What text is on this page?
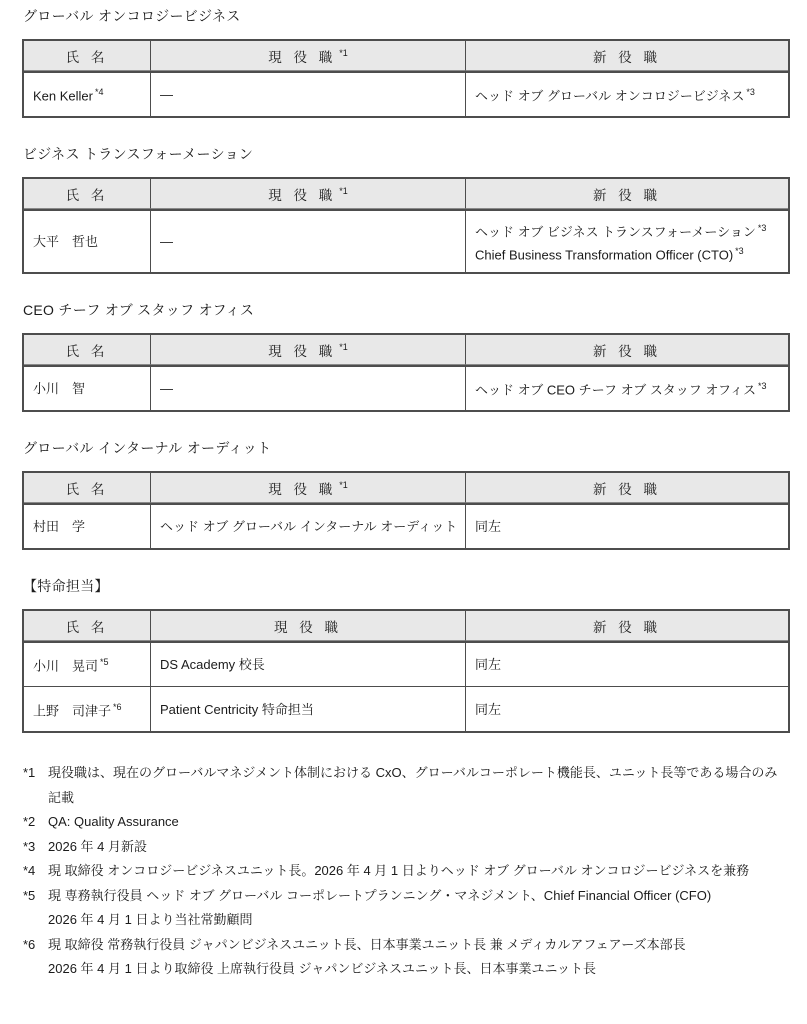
グローバル オンコロジービジネス
氏 名	現 役 職 $^{*1}$	新 役 職

Ken Keller $^{*4}$	—	ヘッド オブ グローバル オンコロジービジネス $^{*3}$
ビジネス トランスフォーメーション
氏 名	現 役 職 $^{*1}$	新 役 職

大平　哲也	—	ヘッド オブ ビジネス トランスフォーメーション $^{*3}$
Chief Business Transformation Officer (CTO) $^{*3}$
CEO チーフ オブ スタッフ オフィス
氏 名	現 役 職 $^{*1}$	新 役 職

小川　智	—	ヘッド オブ CEO チーフ オブ スタッフ オフィス $^{*3}$
グローバル インターナル オーディット
氏 名	現 役 職 $^{*1}$	新 役 職

村田　学	ヘッド オブ グローバル インターナル オーディット	同左
【特命担当】
氏 名	現 役 職	新 役 職

小川　晃司 $^{*5}$	DS Academy 校長	同左

上野　司津子 $^{*6}$	Patient Centricity 特命担当	同左
*1 現役職は、現在のグローバルマネジメント体制における CxO、グローバルコーポレート機能長、ユニット長等である場合のみ
記載
*2 QA: Quality Assurance
*3 2026 年 4 月新設
*4 現 取締役 オンコロジービジネスユニット長。2026 年 4 月 1 日よりヘッド オブ グローバル オンコロジービジネスを兼務
*5 現 専務執行役員 ヘッド オブ グローバル コーポレートプランニング・マネジメント、Chief Financial Officer (CFO)
2026 年 4 月 1 日より当社常勤顧問
*6 現 取締役 常務執行役員 ジャパンビジネスユニット長、日本事業ユニット長 兼 メディカルアフェアーズ本部長
2026 年 4 月 1 日より取締役 上席執行役員 ジャパンビジネスユニット長、日本事業ユニット長
